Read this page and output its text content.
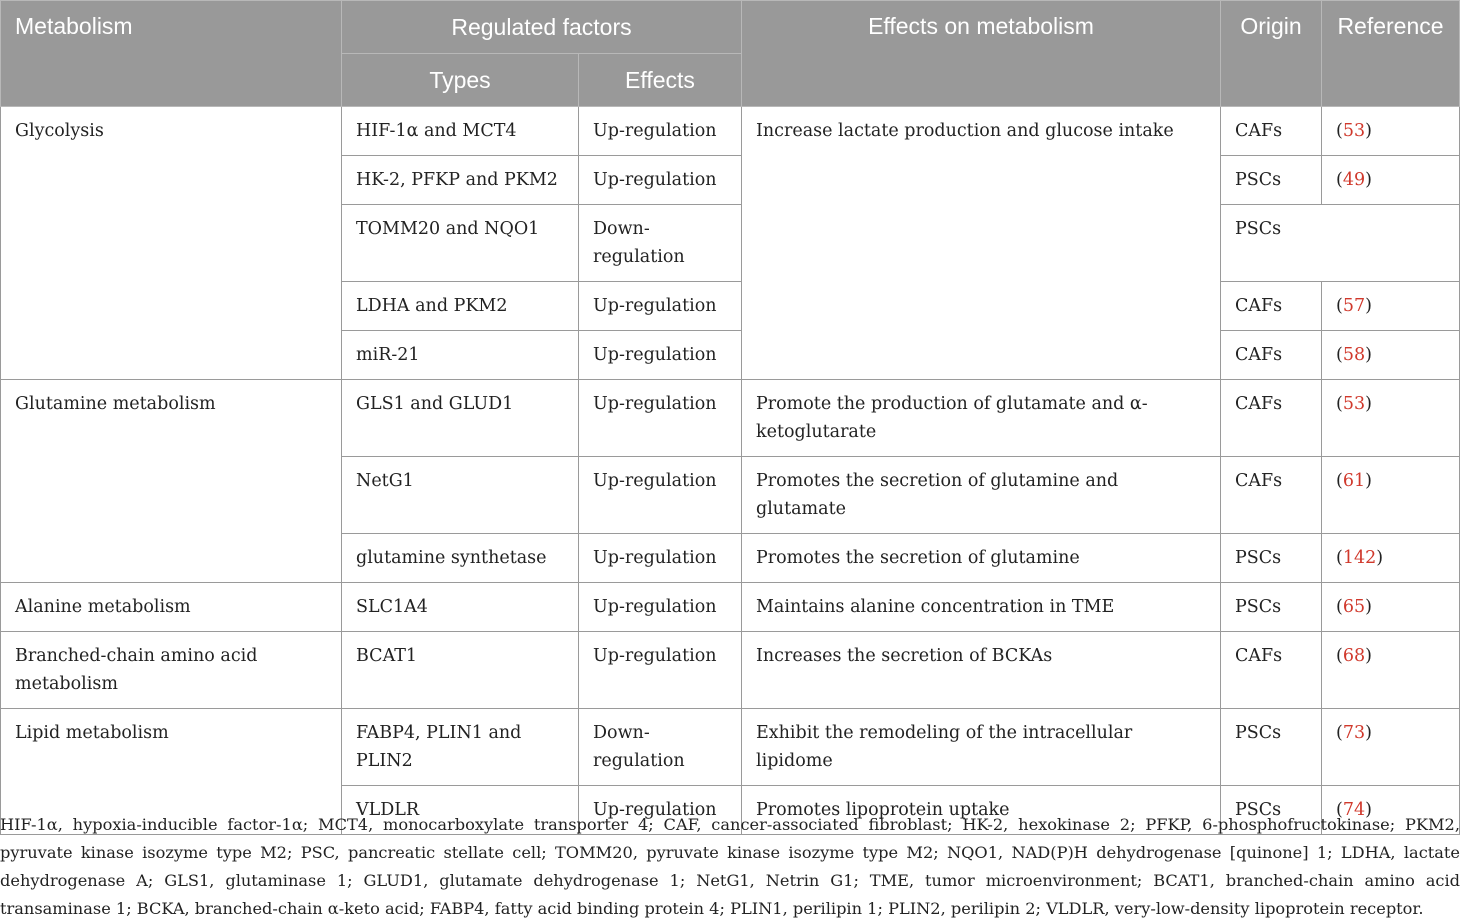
Metabolism	Regulated factors		Effects on metabolism	Origin	Reference
	Types	Effects			
Glycolysis	HIF-1α and MCT4	Up-regulation	Increase lactate production and glucose intake	CAFs	(53)
	HK-2, PFKP and PKM2	Up-regulation		PSCs	(49)
	TOMM20 and NQO1	Down-regulation		PSCs	
	LDHA and PKM2	Up-regulation		CAFs	(57)
	miR-21	Up-regulation		CAFs	(58)
Glutamine metabolism	GLS1 and GLUD1	Up-regulation	Promote the production of glutamate and α-ketoglutarate	CAFs	(53)
	NetG1	Up-regulation	Promotes the secretion of glutamine and glutamate	CAFs	(61)
	glutamine synthetase	Up-regulation	Promotes the secretion of glutamine	PSCs	(142)
Alanine metabolism	SLC1A4	Up-regulation	Maintains alanine concentration in TME	PSCs	(65)
Branched-chain amino acid metabolism	BCAT1	Up-regulation	Increases the secretion of BCKAs	CAFs	(68)
Lipid metabolism	FABP4, PLIN1 and PLIN2	Down-regulation	Exhibit the remodeling of the intracellular lipidome	PSCs	(73)
	VLDLR	Up-regulation	Promotes lipoprotein uptake	PSCs	(74)
HIF-1α, hypoxia-inducible factor-1α; MCT4, monocarboxylate transporter 4; CAF, cancer-associated fibroblast; HK-2, hexokinase 2; PFKP, 6-phosphofructokinase; PKM2, pyruvate kinase isozyme type M2; PSC, pancreatic stellate cell; TOMM20, pyruvate kinase isozyme type M2; NQO1, NAD(P)H dehydrogenase [quinone] 1; LDHA, lactate dehydrogenase A; GLS1, glutaminase 1; GLUD1, glutamate dehydrogenase 1; NetG1, Netrin G1; TME, tumor microenvironment; BCAT1, branched-chain amino acid transaminase 1; BCKA, branched-chain α-keto acid; FABP4, fatty acid binding protein 4; PLIN1, perilipin 1; PLIN2, perilipin 2; VLDLR, very-low-density lipoprotein receptor.
